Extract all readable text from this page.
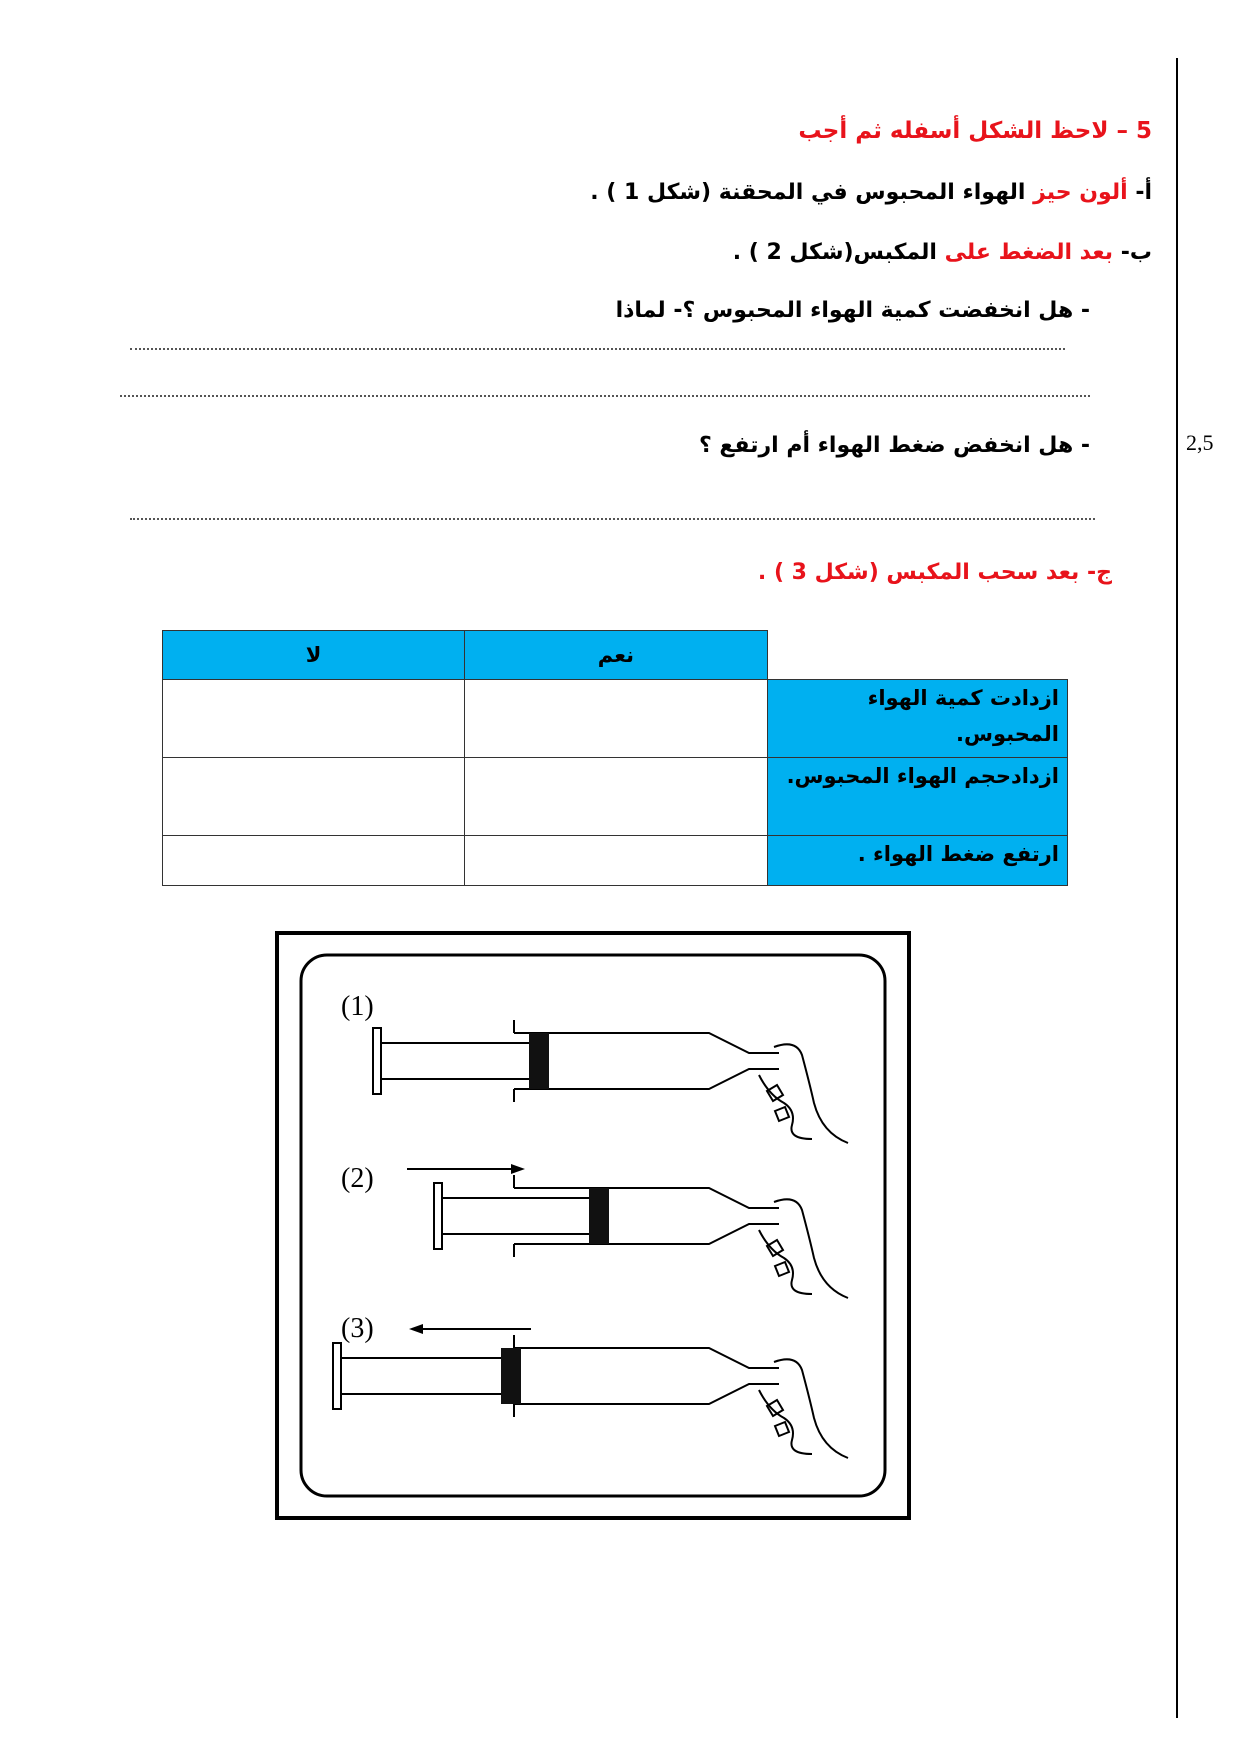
2,5
5 – لاحظ الشكل أسفله ثم أجب
أ- ألون حيز الهواء المحبوس في المحقنة (شكل 1 ) .
ب- بعد الضغط على المكبس(شكل 2 ) .
- هل انخفضت كمية الهواء المحبوس ؟- لماذا
- هل انخفض ضغط الهواء أم ارتفع ؟
ج- بعد سحب المكبس (شكل 3 ) .
	نعم	لا
ازدادت كمية الهواء المحبوس.		
ازدادحجم الهواء المحبوس.		
ارتفع ضغط الهواء .		
(1)
(2)
(3)
